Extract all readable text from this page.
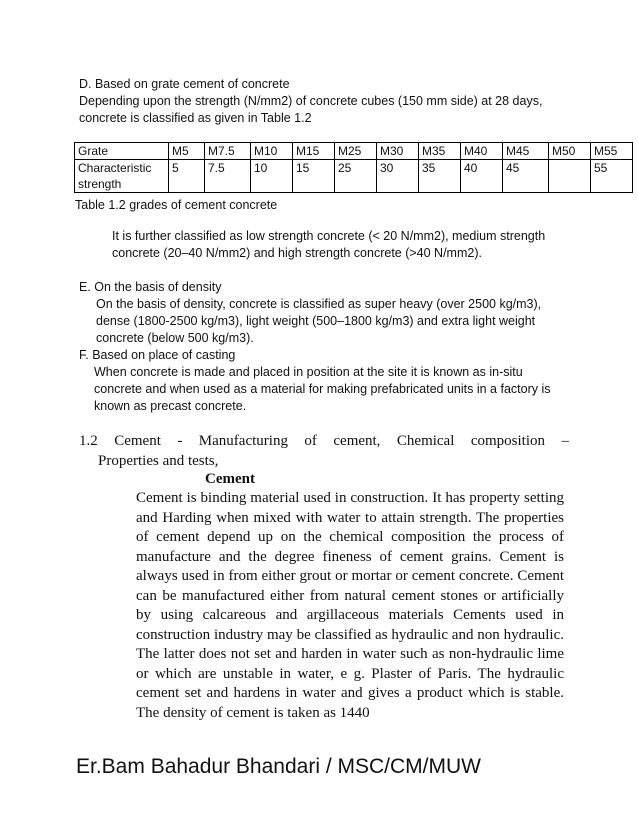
D. Based on grate cement of concrete
Depending upon the strength (N/mm2) of concrete cubes (150 mm side) at 28 days, concrete is classified as given in Table 1.2
Grate	M5	M7.5	M10	M15	M25	M30	M35	M40	M45	M50	M55
Characteristic strength	5	7.5	10	15	25	30	35	40	45		55
Table 1.2 grades of cement concrete
It is further classified as low strength concrete (< 20 N/mm2), medium strength concrete (20–40 N/mm2) and high strength concrete (>40 N/mm2).
E. On the basis of density
On the basis of density, concrete is classified as super heavy (over 2500 kg/m3), dense (1800-2500 kg/m3), light weight (500–1800 kg/m3) and extra light weight concrete (below 500 kg/m3).
F. Based on place of casting
When concrete is made and placed in position at the site it is known as in-situ concrete and when used as a material for making prefabricated units in a factory is known as precast concrete.
1.2 Cement - Manufacturing of cement, Chemical composition –
Properties and tests,
Cement
Cement is binding material used in construction. It has property setting and Harding when mixed with water to attain strength. The properties of cement depend up on the chemical composition the process of manufacture and the degree fineness of cement grains. Cement is always used in from either grout or mortar or cement concrete. Cement can be manufactured either from natural cement stones or artificially by using calcareous and argillaceous materials Cements used in construction industry may be classified as hydraulic and non hydraulic. The latter does not set and harden in water such as non-hydraulic lime or which are unstable in water, e g. Plaster of Paris. The hydraulic cement set and hardens in water and gives a product which is stable. The density of cement is taken as 1440
Er.Bam Bahadur Bhandari / MSC/CM/MUW
